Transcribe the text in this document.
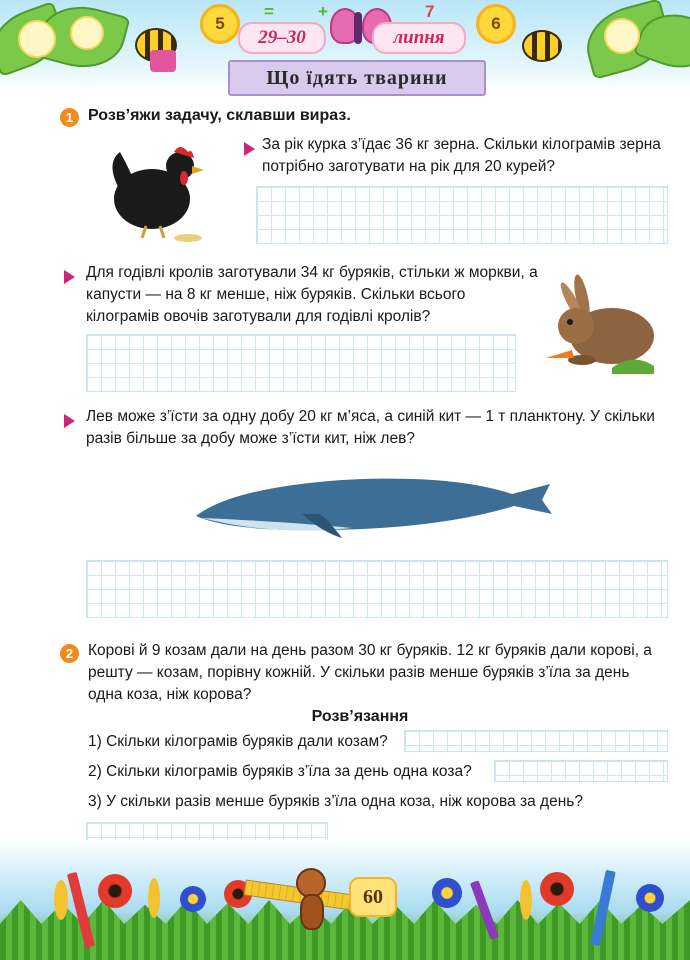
5
=	+	7
6
29–30	липня
Що їдять тварини
1 Розв’яжи задачу, склавши вираз.
За рік курка з’їдає 36 кг зерна. Скільки кілограмів зерна потрібно заготувати на рік для 20 курей?
Для годівлі кролів заготували 34 кг буряків, стільки ж моркви, а капусти — на 8 кг менше, ніж буряків. Скільки всього кілограмів овочів заготували для годівлі кролів?
Лев може з’їсти за одну добу 20 кг м’яса, а синій кит — 1 т планктону. У скільки разів більше за добу може з’їсти кит, ніж лев?
2 Корові й 9 козам дали на день разом 30 кг буряків. 12 кг буряків дали корові, а решту — козам, порівну кожній. У скільки разів менше буряків з’їла за день одна коза, ніж корова?
Розв’язання
1) Скільки кілограмів буряків дали козам?
2) Скільки кілограмів буряків з’їла за день одна коза?
3) У скільки разів менше буряків з’їла одна коза, ніж корова за день?
60
